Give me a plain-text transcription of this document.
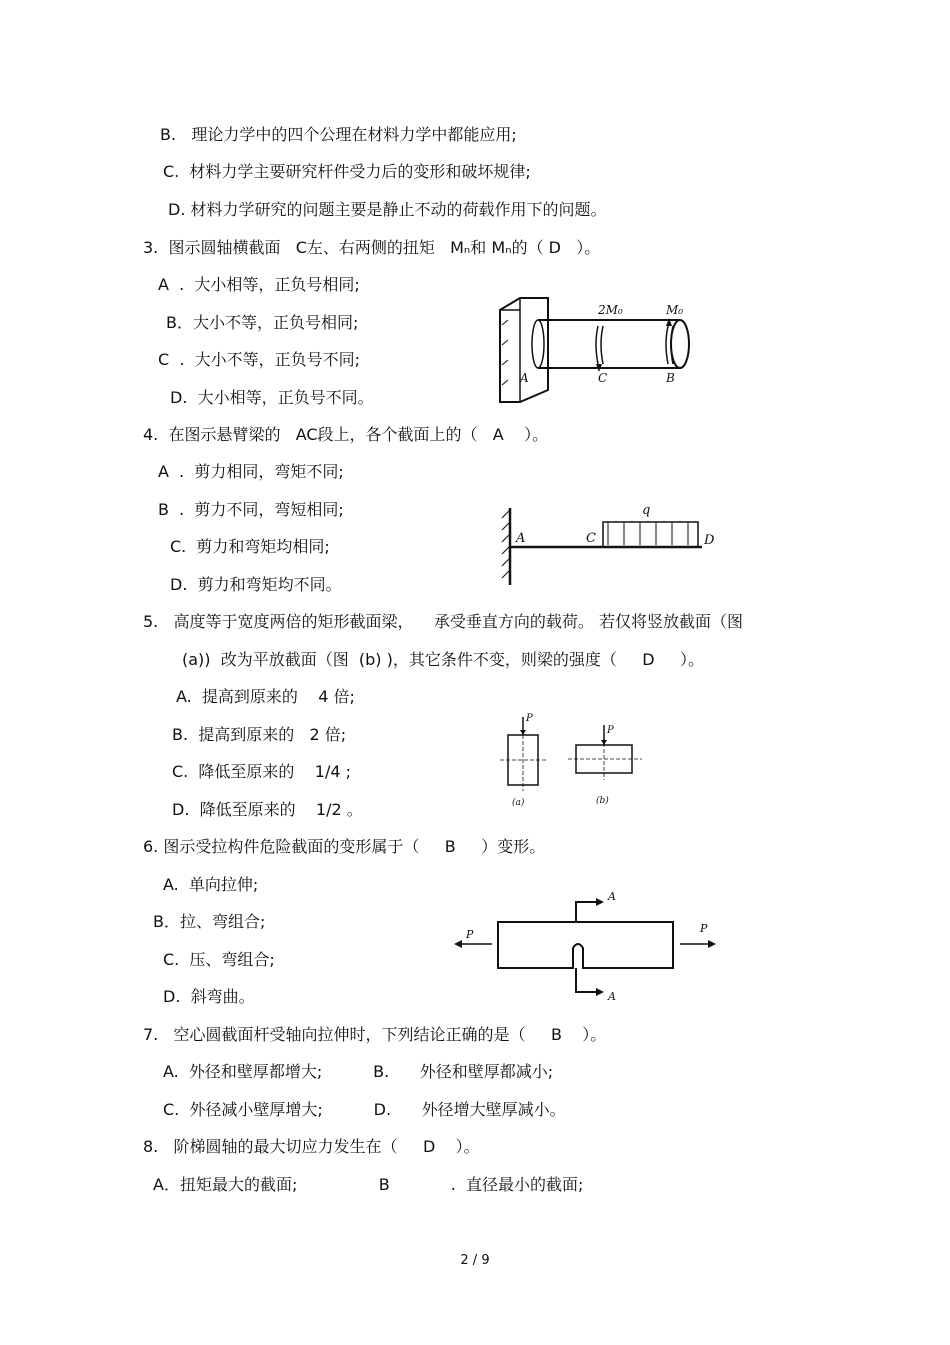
B.   理论力学中的四个公理在材料力学中都能应用;
C.  材料力学主要研究杆件受力后的变形和破坏规律;
D. 材料力学研究的问题主要是静止不动的荷载作用下的问题。
3.  图示圆轴横截面   C左、右两侧的扭矩   Mₙ和 Mₙ的（ D   ）。
A  .  大小相等，正负号相同;
B．大小不等，正负号相同;
C  .  大小不等，正负号不同;
D.  大小相等，正负号不同。
A	C	B
2M₀	M₀
4.  在图示悬臂梁的   AC段上，各个截面上的（   A    ）。
A  .  剪力相同，弯矩不同;
B  .  剪力不同，弯短相同;
C.  剪力和弯矩均相同;
D.  剪力和弯矩均不同。
A	C	D
q
5.   高度等于宽度两倍的矩形截面梁，    承受垂直方向的载荷。 若仅将竖放截面（图
(a))  改为平放截面（图  (b) )，其它条件不变，则梁的强度（     D     ）。
A.  提高到原来的    4 倍;
B.  提高到原来的   2 倍;
C.  降低至原来的    1/4 ;
D.  降低至原来的    1/2 。
P
P
(a)	(b)
6. 图示受拉构件危险截面的变形属于（     B     ）变形。
A.  单向拉伸;
B．拉、弯组合;
C.  压、弯组合;
D.  斜弯曲。
P	P
A
A
7.   空心圆截面杆受轴向拉伸时，下列结论正确的是（     B    ）。
A.  外径和壁厚都增大;          B.      外径和壁厚都减小;
C.  外径减小壁厚增大;          D.      外径增大壁厚减小。
8.   阶梯圆轴的最大切应力发生在（     D    ）。
A．扭矩最大的截面;                B            .  直径最小的截面;
2 / 9
